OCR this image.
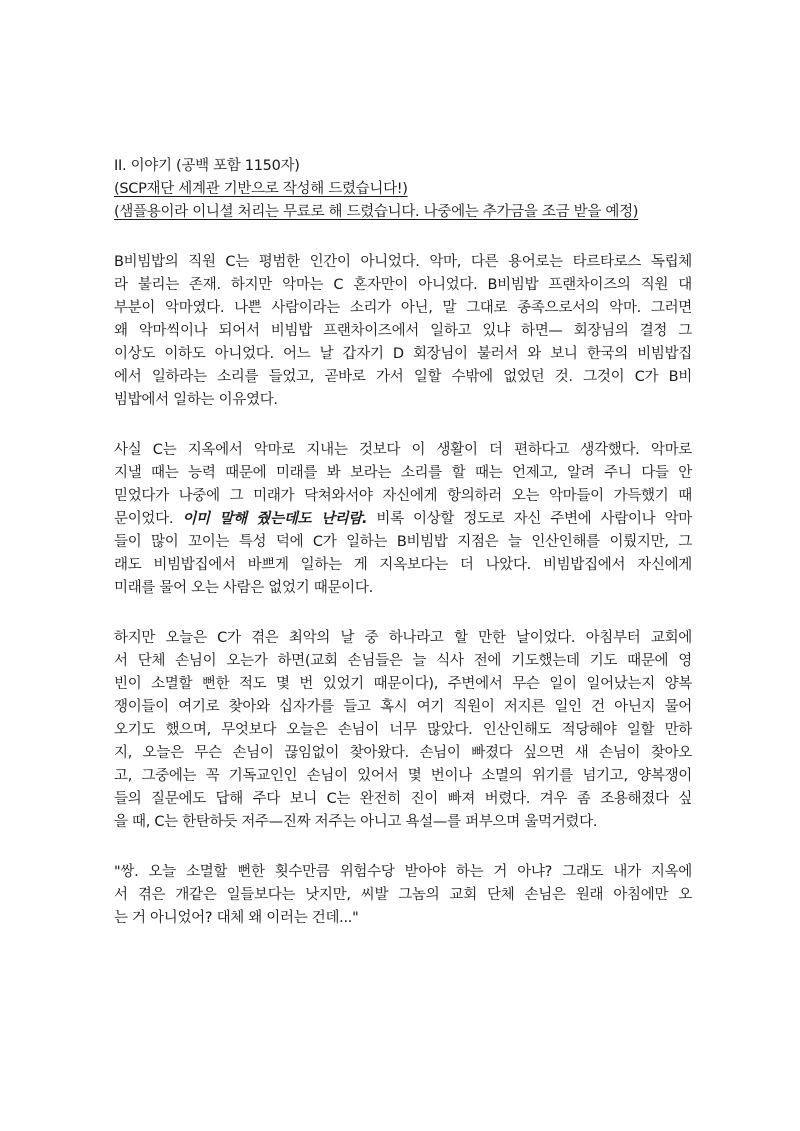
II. 이야기 (공백 포함 1150자)
(SCP재단 세계관 기반으로 작성해 드렸습니다!)
(샘플용이라 이니셜 처리는 무료로 해 드렸습니다. 나중에는 추가금을 조금 받을 예정)
B비빔밥의 직원 C는 평범한 인간이 아니었다. 악마, 다른 용어로는 타르타로스 독립체
라 불리는 존재. 하지만 악마는 C 혼자만이 아니었다. B비빔밥 프랜차이즈의 직원 대
부분이 악마였다. 나쁜 사람이라는 소리가 아닌, 말 그대로 종족으로서의 악마. 그러면
왜 악마씩이나 되어서 비빔밥 프랜차이즈에서 일하고 있냐 하면— 회장님의 결정 그
이상도 이하도 아니었다. 어느 날 갑자기 D 회장님이 불러서 와 보니 한국의 비빔밥집
에서 일하라는 소리를 들었고, 곧바로 가서 일할 수밖에 없었던 것. 그것이 C가 B비
빔밥에서 일하는 이유였다.
사실 C는 지옥에서 악마로 지내는 것보다 이 생활이 더 편하다고 생각했다. 악마로
지낼 때는 능력 때문에 미래를 봐 보라는 소리를 할 때는 언제고, 알려 주니 다들 안
믿었다가 나중에 그 미래가 닥쳐와서야 자신에게 항의하러 오는 악마들이 가득했기 때
문이었다. 이미 말해 줬는데도 난리람. 비록 이상할 정도로 자신 주변에 사람이나 악마
들이 많이 꼬이는 특성 덕에 C가 일하는 B비빔밥 지점은 늘 인산인해를 이뤘지만, 그
래도 비빔밥집에서 바쁘게 일하는 게 지옥보다는 더 나았다. 비빔밥집에서 자신에게
미래를 물어 오는 사람은 없었기 때문이다.
하지만 오늘은 C가 겪은 최악의 날 중 하나라고 할 만한 날이었다. 아침부터 교회에
서 단체 손님이 오는가 하면(교회 손님들은 늘 식사 전에 기도했는데 기도 때문에 영
빈이 소멸할 뻔한 적도 몇 번 있었기 때문이다), 주변에서 무슨 일이 일어났는지 양복
쟁이들이 여기로 찾아와 십자가를 들고 혹시 여기 직원이 저지른 일인 건 아닌지 물어
오기도 했으며, 무엇보다 오늘은 손님이 너무 많았다. 인산인해도 적당해야 일할 만하
지, 오늘은 무슨 손님이 끊임없이 찾아왔다. 손님이 빠졌다 싶으면 새 손님이 찾아오
고, 그중에는 꼭 기독교인인 손님이 있어서 몇 번이나 소멸의 위기를 넘기고, 양복쟁이
들의 질문에도 답해 주다 보니 C는 완전히 진이 빠져 버렸다. 겨우 좀 조용해졌다 싶
을 때, C는 한탄하듯 저주—진짜 저주는 아니고 욕설—를 퍼부으며 울먹거렸다.
"쌍. 오늘 소멸할 뻔한 횟수만큼 위험수당 받아야 하는 거 아냐? 그래도 내가 지옥에
서 겪은 개같은 일들보다는 낫지만, 씨발 그놈의 교회 단체 손님은 원래 아침에만 오
는 거 아니었어? 대체 왜 이러는 건데..."
